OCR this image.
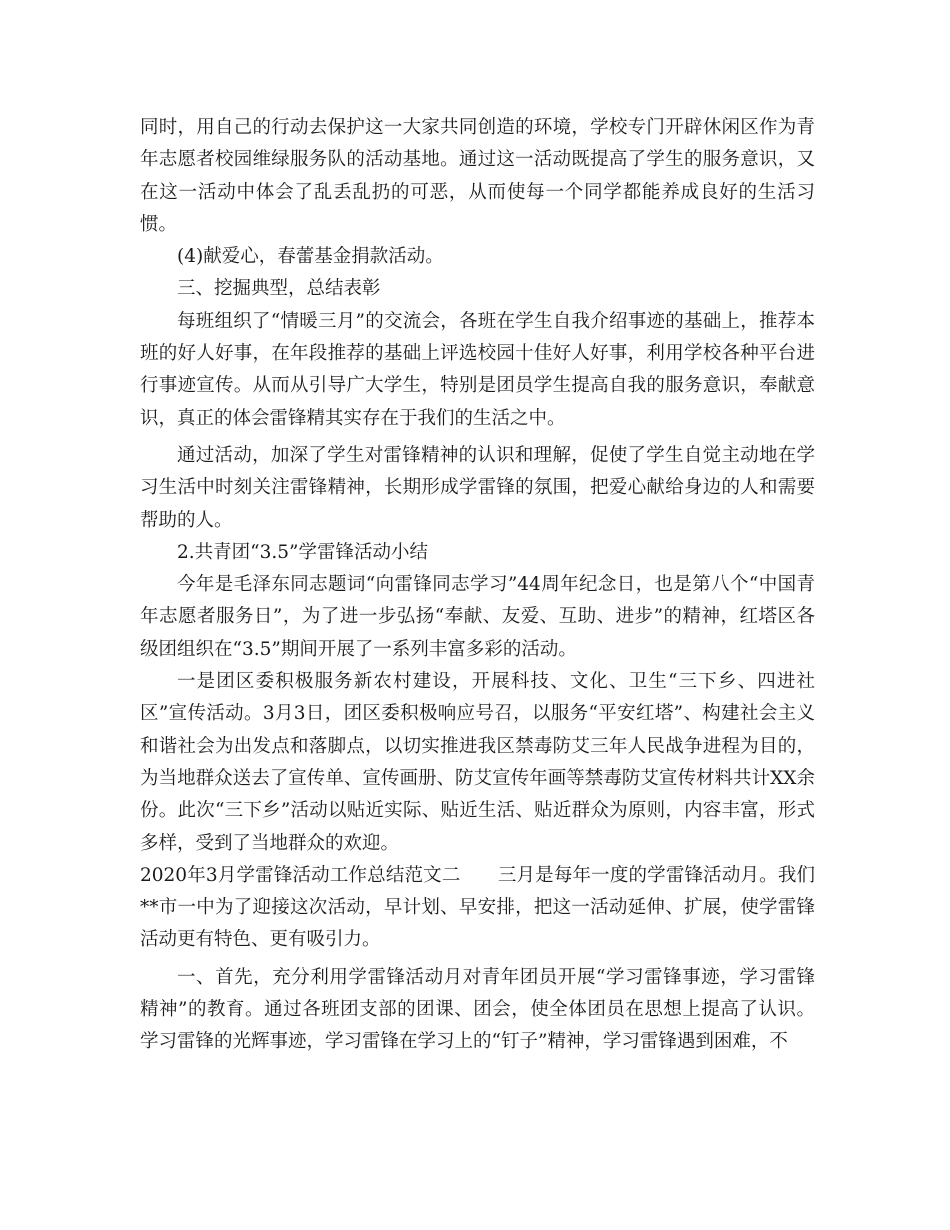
同时，用自己的行动去保护这一大家共同创造的环境，学校专门开辟休闲区作为青年志愿者校园维绿服务队的活动基地。通过这一活动既提高了学生的服务意识，又在这一活动中体会了乱丢乱扔的可恶，从而使每一个同学都能养成良好的生活习惯。

(4)献爱心，春蕾基金捐款活动。

三、挖掘典型，总结表彰

每班组织了“情暖三月”的交流会，各班在学生自我介绍事迹的基础上，推荐本班的好人好事，在年段推荐的基础上评选校园十佳好人好事，利用学校各种平台进行事迹宣传。从而从引导广大学生，特别是团员学生提高自我的服务意识，奉献意识，真正的体会雷锋精其实存在于我们的生活之中。

通过活动，加深了学生对雷锋精神的认识和理解，促使了学生自觉主动地在学习生活中时刻关注雷锋精神，长期形成学雷锋的氛围，把爱心献给身边的人和需要帮助的人。

2.共青团“3.5”学雷锋活动小结

今年是毛泽东同志题词“向雷锋同志学习”44周年纪念日，也是第八个“中国青年志愿者服务日”，为了进一步弘扬“奉献、友爱、互助、进步”的精神，红塔区各级团组织在“3.5”期间开展了一系列丰富多彩的活动。

一是团区委积极服务新农村建设，开展科技、文化、卫生“三下乡、四进社区”宣传活动。3月3日，团区委积极响应号召，以服务“平安红塔”、构建社会主义和谐社会为出发点和落脚点，以切实推进我区禁毒防艾三年人民战争进程为目的，为当地群众送去了宣传单、宣传画册、防艾宣传年画等禁毒防艾宣传材料共计XX余份。此次“三下乡”活动以贴近实际、贴近生活、贴近群众为原则，内容丰富，形式多样，受到了当地群众的欢迎。

2020年3月学雷锋活动工作总结范文二　　三月是每年一度的学雷锋活动月。我们**市一中为了迎接这次活动，早计划、早安排，把这一活动延伸、扩展，使学雷锋活动更有特色、更有吸引力。

一、首先，充分利用学雷锋活动月对青年团员开展“学习雷锋事迹，学习雷锋精神”的教育。通过各班团支部的团课、团会，使全体团员在思想上提高了认识。学习雷锋的光辉事迹，学习雷锋在学习上的“钉子”精神，学习雷锋遇到困难，不
